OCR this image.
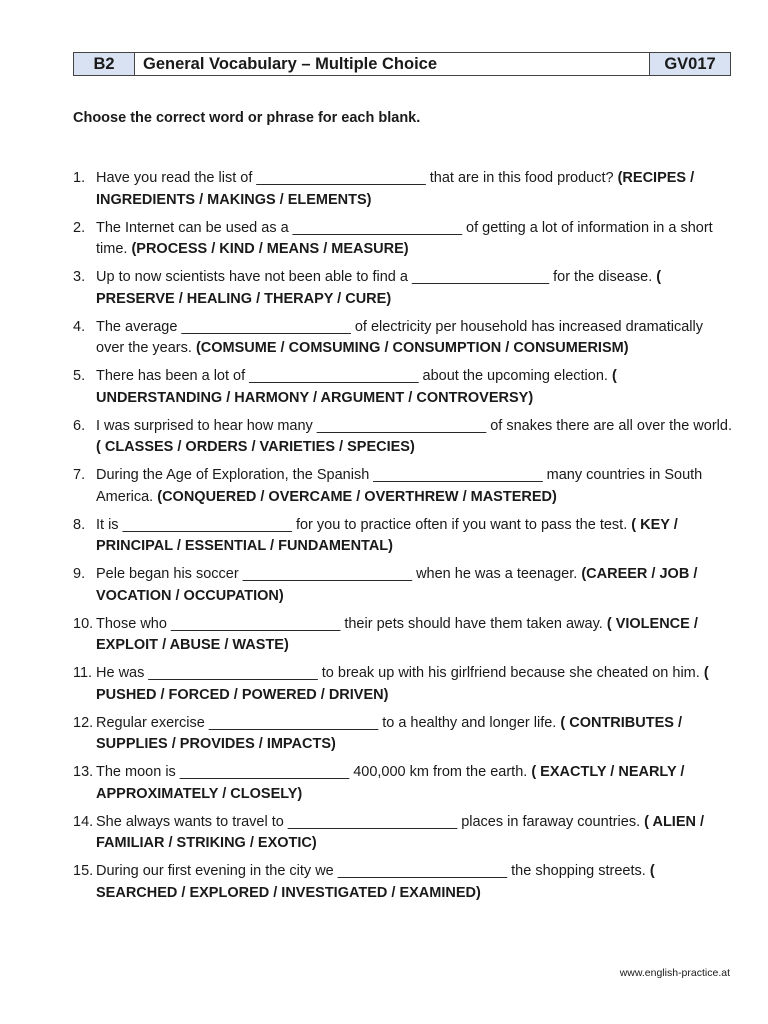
B2	General Vocabulary – Multiple Choice	GV017
Choose the correct word or phrase for each blank.
1. Have you read the list of _____________________ that are in this food product? (RECIPES / INGREDIENTS / MAKINGS / ELEMENTS)
2. The Internet can be used as a _____________________ of getting a lot of information in a short time. (PROCESS / KIND / MEANS / MEASURE)
3. Up to now scientists have not been able to find a _________________ for the disease. ( PRESERVE / HEALING / THERAPY / CURE)
4. The average _____________________ of electricity per household has increased dramatically over the years. (COMSUME / COMSUMING / CONSUMPTION / CONSUMERISM)
5. There has been a lot of _____________________ about the upcoming election. ( UNDERSTANDING / HARMONY / ARGUMENT / CONTROVERSY)
6. I was surprised to hear how many _____________________ of snakes there are all over the world. ( CLASSES / ORDERS / VARIETIES / SPECIES)
7. During the Age of Exploration, the Spanish _____________________ many countries in South America. (CONQUERED / OVERCAME / OVERTHREW / MASTERED)
8. It is _____________________ for you to practice often if you want to pass the test. ( KEY / PRINCIPAL / ESSENTIAL / FUNDAMENTAL)
9. Pele began his soccer _____________________ when he was a teenager. (CAREER / JOB / VOCATION / OCCUPATION)
10. Those who _____________________ their pets should have them taken away. ( VIOLENCE / EXPLOIT / ABUSE / WASTE)
11. He was _____________________ to break up with his girlfriend because she cheated on him. ( PUSHED / FORCED / POWERED / DRIVEN)
12. Regular exercise _____________________ to a healthy and longer life. ( CONTRIBUTES / SUPPLIES / PROVIDES / IMPACTS)
13. The moon is _____________________ 400,000 km from the earth. ( EXACTLY / NEARLY / APPROXIMATELY / CLOSELY)
14. She always wants to travel to _____________________ places in faraway countries. ( ALIEN / FAMILIAR / STRIKING / EXOTIC)
15. During our first evening in the city we _____________________ the shopping streets. ( SEARCHED / EXPLORED / INVESTIGATED / EXAMINED)
www.english-practice.at
